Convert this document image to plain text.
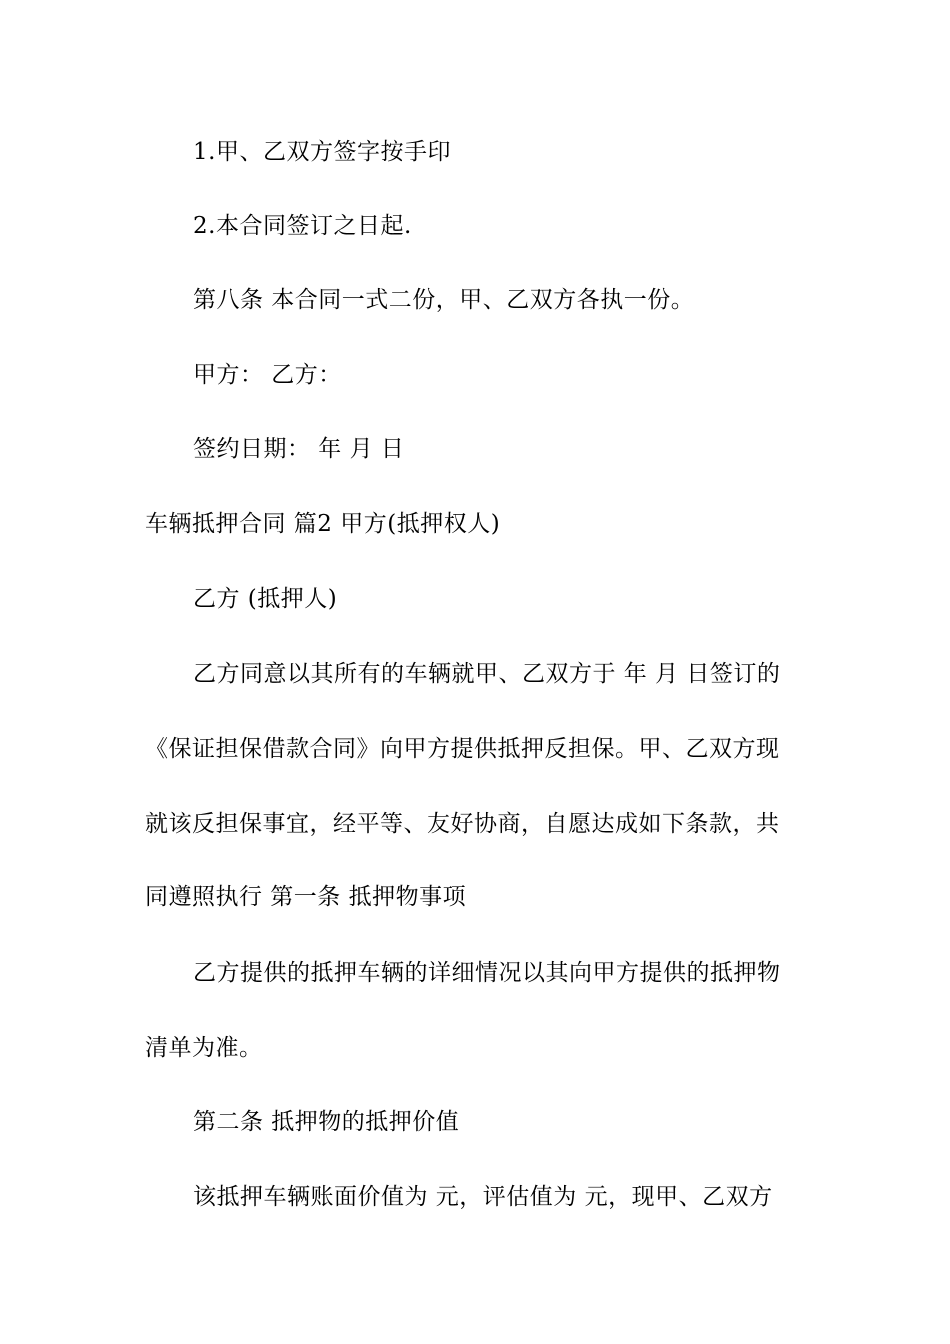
1.甲、乙双方签字按手印
2.本合同签订之日起.
第八条 本合同一式二份，甲、乙双方各执一份。
甲方： 乙方：
签约日期： 年 月 日
车辆抵押合同 篇2 甲方(抵押权人)
乙方 (抵押人)
乙方同意以其所有的车辆就甲、乙双方于 年 月 日签订的
《保证担保借款合同》向甲方提供抵押反担保。甲、乙双方现
就该反担保事宜，经平等、友好协商，自愿达成如下条款，共
同遵照执行 第一条 抵押物事项
乙方提供的抵押车辆的详细情况以其向甲方提供的抵押物
清单为准。
第二条 抵押物的抵押价值
该抵押车辆账面价值为 元，评估值为 元，现甲、乙双方
